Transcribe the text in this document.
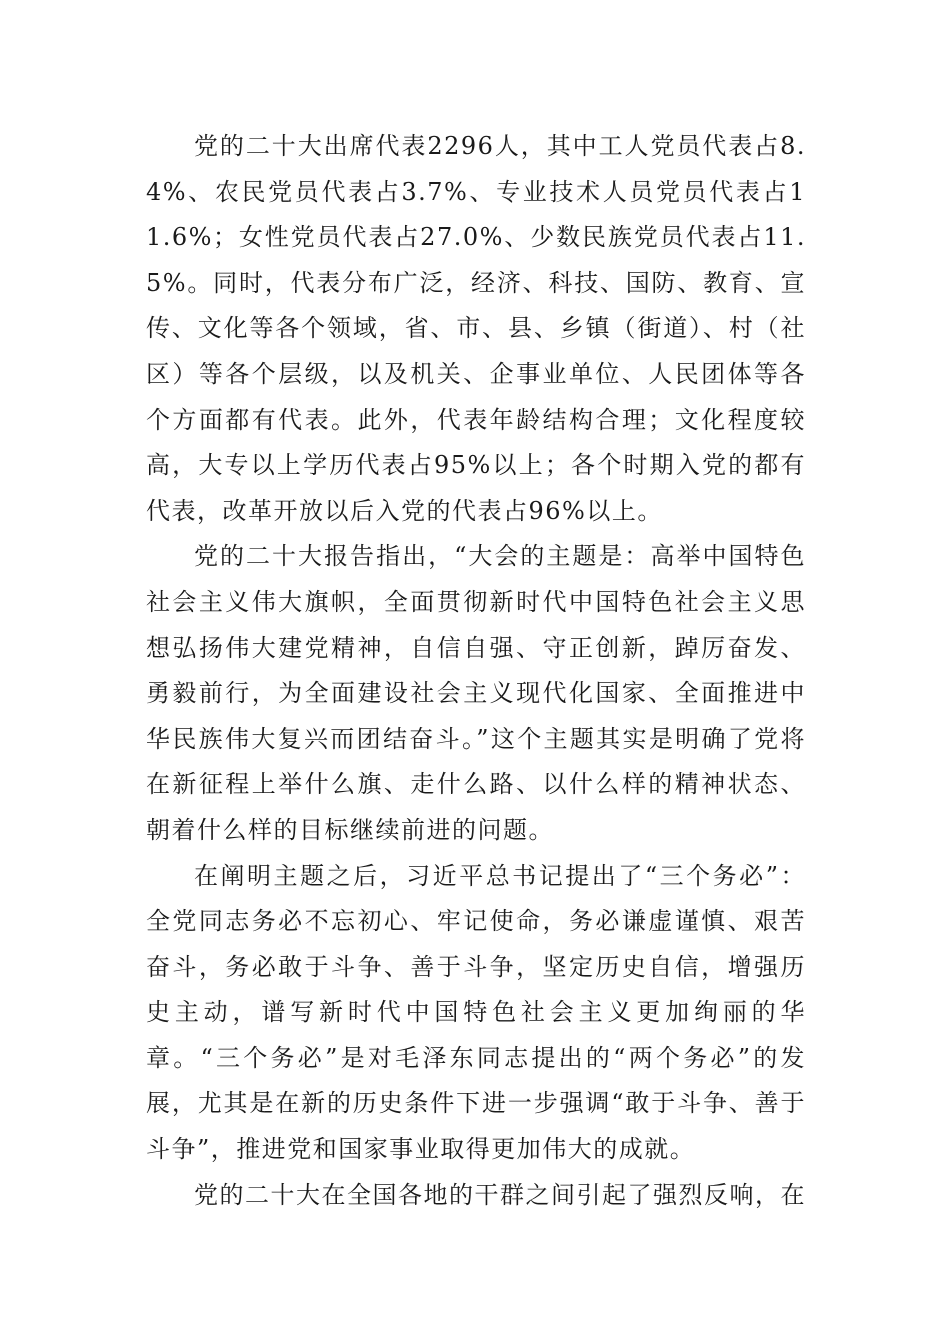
党的二十大出席代表2296人，其中工人党员代表占8.4%、农民党员代表占3.7%、专业技术人员党员代表占11.6%；女性党员代表占27.0%、少数民族党员代表占11.5%。同时，代表分布广泛，经济、科技、国防、教育、宣传、文化等各个领域，省、市、县、乡镇（街道）、村（社区）等各个层级，以及机关、企事业单位、人民团体等各个方面都有代表。此外，代表年龄结构合理；文化程度较高，大专以上学历代表占95%以上；各个时期入党的都有代表，改革开放以后入党的代表占96%以上。

党的二十大报告指出，“大会的主题是：高举中国特色社会主义伟大旗帜，全面贯彻新时代中国特色社会主义思想弘扬伟大建党精神，自信自强、守正创新，踔厉奋发、勇毅前行，为全面建设社会主义现代化国家、全面推进中华民族伟大复兴而团结奋斗。”这个主题其实是明确了党将在新征程上举什么旗、走什么路、以什么样的精神状态、朝着什么样的目标继续前进的问题。

在阐明主题之后，习近平总书记提出了“三个务必”：全党同志务必不忘初心、牢记使命，务必谦虚谨慎、艰苦奋斗，务必敢于斗争、善于斗争，坚定历史自信，增强历史主动，谱写新时代中国特色社会主义更加绚丽的华章。“三个务必”是对毛泽东同志提出的“两个务必”的发展，尤其是在新的历史条件下进一步强调“敢于斗争、善于斗争”，推进党和国家事业取得更加伟大的成就。

党的二十大在全国各地的干群之间引起了强烈反响，在
